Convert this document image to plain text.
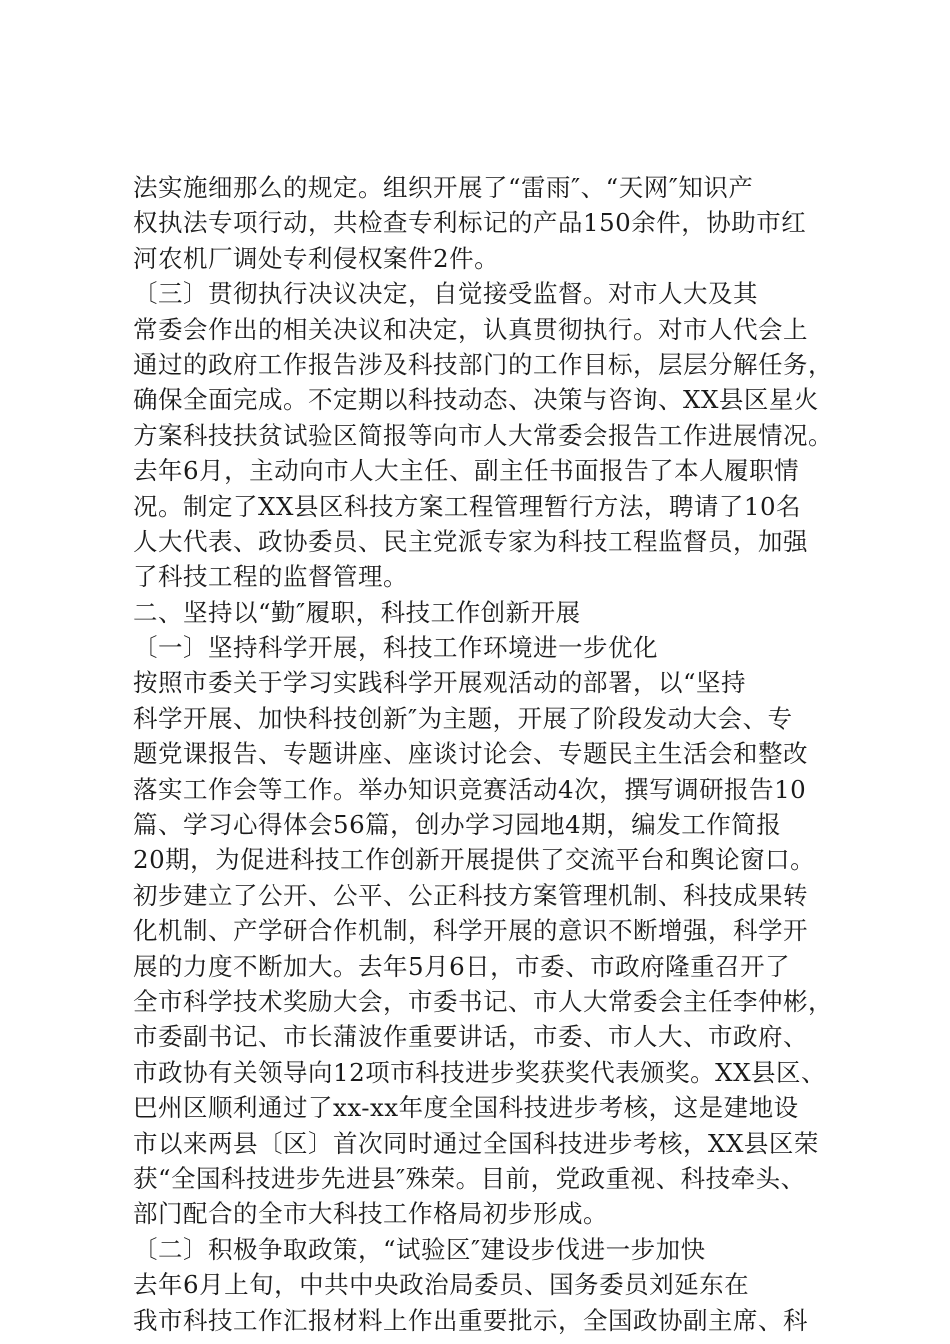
法实施细那么的规定。组织开展了“雷雨″、“天网″知识产
权执法专项行动，共检查专利标记的产品150余件，协助市红
河农机厂调处专利侵权案件2件。
〔三〕贯彻执行决议决定，自觉接受监督。对市人大及其
常委会作出的相关决议和决定，认真贯彻执行。对市人代会上
通过的政府工作报告涉及科技部门的工作目标，层层分解任务，
确保全面完成。不定期以科技动态、决策与咨询、XX县区星火
方案科技扶贫试验区简报等向市人大常委会报告工作进展情况。
去年6月，主动向市人大主任、副主任书面报告了本人履职情
况。制定了XX县区科技方案工程管理暂行方法，聘请了10名
人大代表、政协委员、民主党派专家为科技工程监督员，加强
了科技工程的监督管理。
二、坚持以“勤″履职，科技工作创新开展
〔一〕坚持科学开展，科技工作环境进一步优化
按照市委关于学习实践科学开展观活动的部署，以“坚持
科学开展、加快科技创新″为主题，开展了阶段发动大会、专
题党课报告、专题讲座、座谈讨论会、专题民主生活会和整改
落实工作会等工作。举办知识竞赛活动4次，撰写调研报告10
篇、学习心得体会56篇，创办学习园地4期，编发工作简报
20期，为促进科技工作创新开展提供了交流平台和舆论窗口。
初步建立了公开、公平、公正科技方案管理机制、科技成果转
化机制、产学研合作机制，科学开展的意识不断增强，科学开
展的力度不断加大。去年5月6日，市委、市政府隆重召开了
全市科学技术奖励大会，市委书记、市人大常委会主任李仲彬，
市委副书记、市长蒲波作重要讲话，市委、市人大、市政府、
市政协有关领导向12项市科技进步奖获奖代表颁奖。XX县区、
巴州区顺利通过了xx-xx年度全国科技进步考核，这是建地设
市以来两县〔区〕首次同时通过全国科技进步考核，XX县区荣
获“全国科技进步先进县″殊荣。目前，党政重视、科技牵头、
部门配合的全市大科技工作格局初步形成。
〔二〕积极争取政策，“试验区″建设步伐进一步加快
去年6月上旬，中共中央政治局委员、国务委员刘延东在
我市科技工作汇报材料上作出重要批示，全国政协副主席、科
